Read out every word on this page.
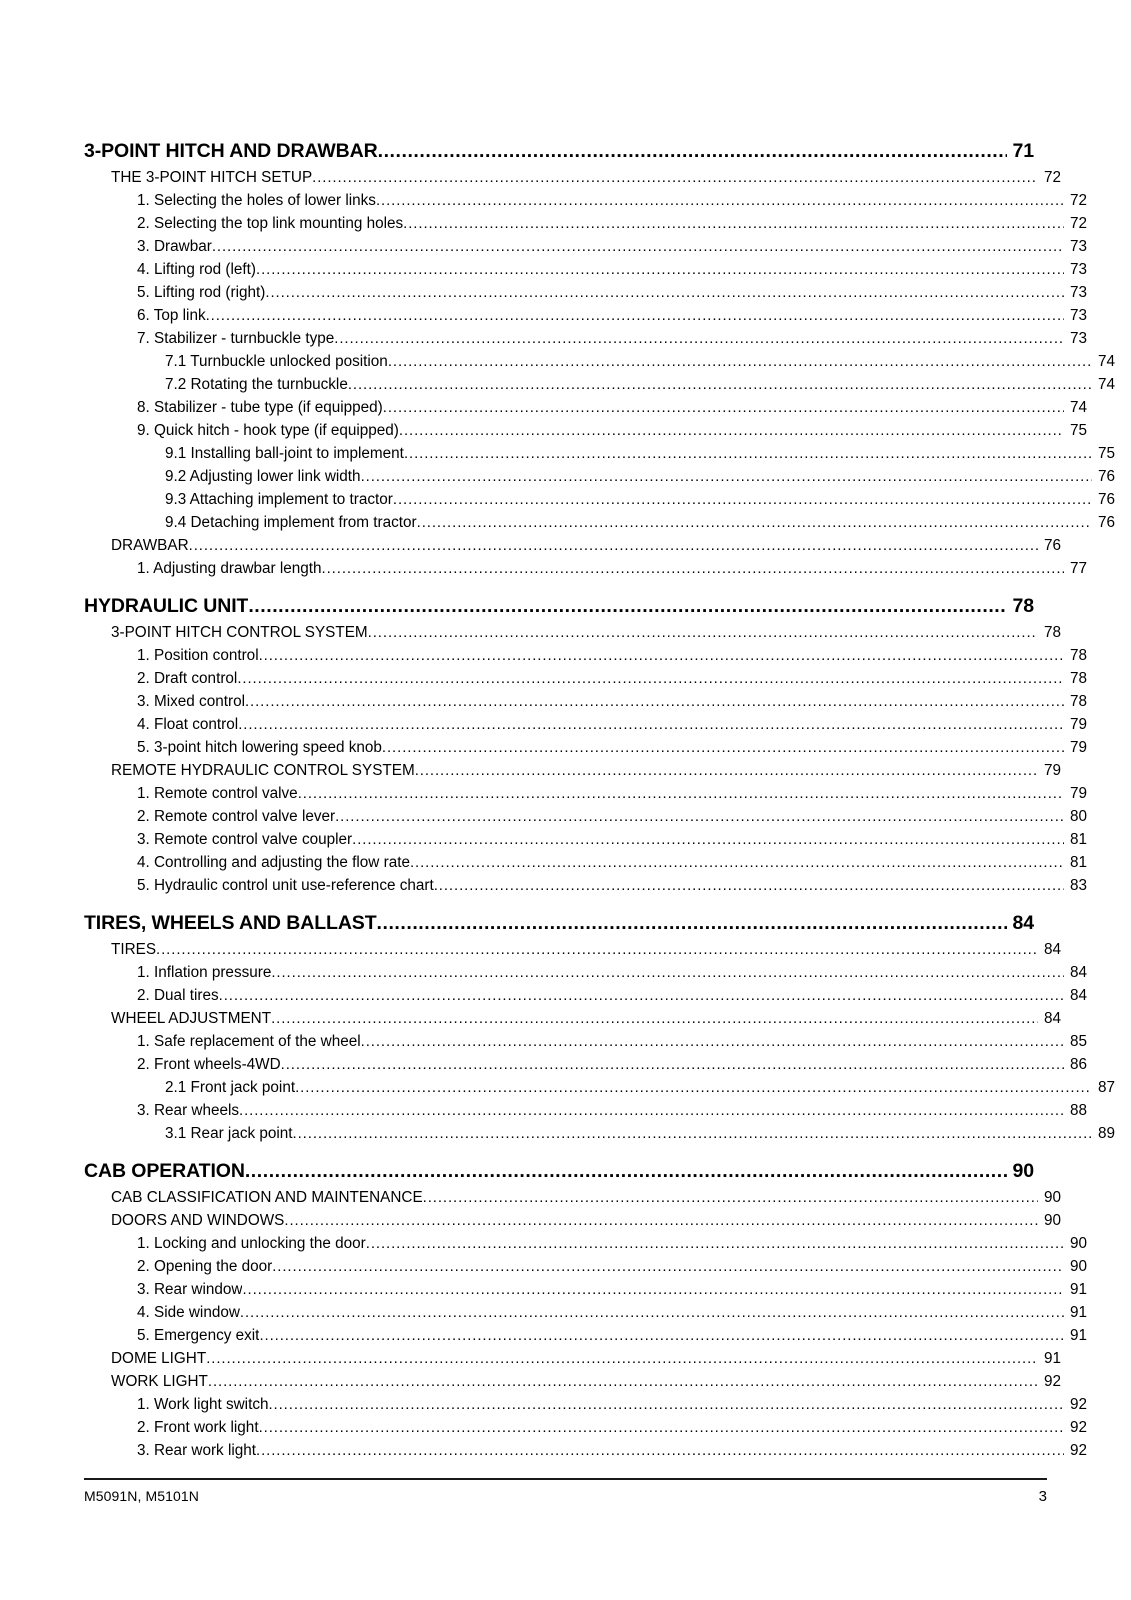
3-POINT HITCH AND DRAWBAR .....	71
THE 3-POINT HITCH SETUP .....	72
1. Selecting the holes of lower links .....	72
2. Selecting the top link mounting holes .....	72
3. Drawbar .....	73
4. Lifting rod (left) .....	73
5. Lifting rod (right) .....	73
6. Top link .....	73
7. Stabilizer - turnbuckle type .....	73
7.1 Turnbuckle unlocked position .....	74
7.2 Rotating the turnbuckle .....	74
8. Stabilizer - tube type (if equipped) .....	74
9. Quick hitch - hook type (if equipped) .....	75
9.1 Installing ball-joint to implement .....	75
9.2 Adjusting lower link width .....	76
9.3 Attaching implement to tractor .....	76
9.4 Detaching implement from tractor .....	76
DRAWBAR .....	76
1. Adjusting drawbar length .....	77
HYDRAULIC UNIT .....	78
3-POINT HITCH CONTROL SYSTEM .....	78
1. Position control .....	78
2. Draft control .....	78
3. Mixed control .....	78
4. Float control .....	79
5. 3-point hitch lowering speed knob .....	79
REMOTE HYDRAULIC CONTROL SYSTEM .....	79
1. Remote control valve .....	79
2. Remote control valve lever .....	80
3. Remote control valve coupler .....	81
4. Controlling and adjusting the flow rate .....	81
5. Hydraulic control unit use-reference chart .....	83
TIRES, WHEELS AND BALLAST .....	84
TIRES .....	84
1. Inflation pressure .....	84
2. Dual tires .....	84
WHEEL ADJUSTMENT .....	84
1. Safe replacement of the wheel .....	85
2. Front wheels-4WD .....	86
2.1 Front jack point .....	87
3. Rear wheels .....	88
3.1 Rear jack point .....	89
CAB OPERATION .....	90
CAB CLASSIFICATION AND MAINTENANCE .....	90
DOORS AND WINDOWS .....	90
1. Locking and unlocking the door .....	90
2. Opening the door .....	90
3. Rear window .....	91
4. Side window .....	91
5. Emergency exit .....	91
DOME LIGHT .....	91
WORK LIGHT .....	92
1. Work light switch .....	92
2. Front work light .....	92
3. Rear work light .....	92
M5091N, M5101N	3
